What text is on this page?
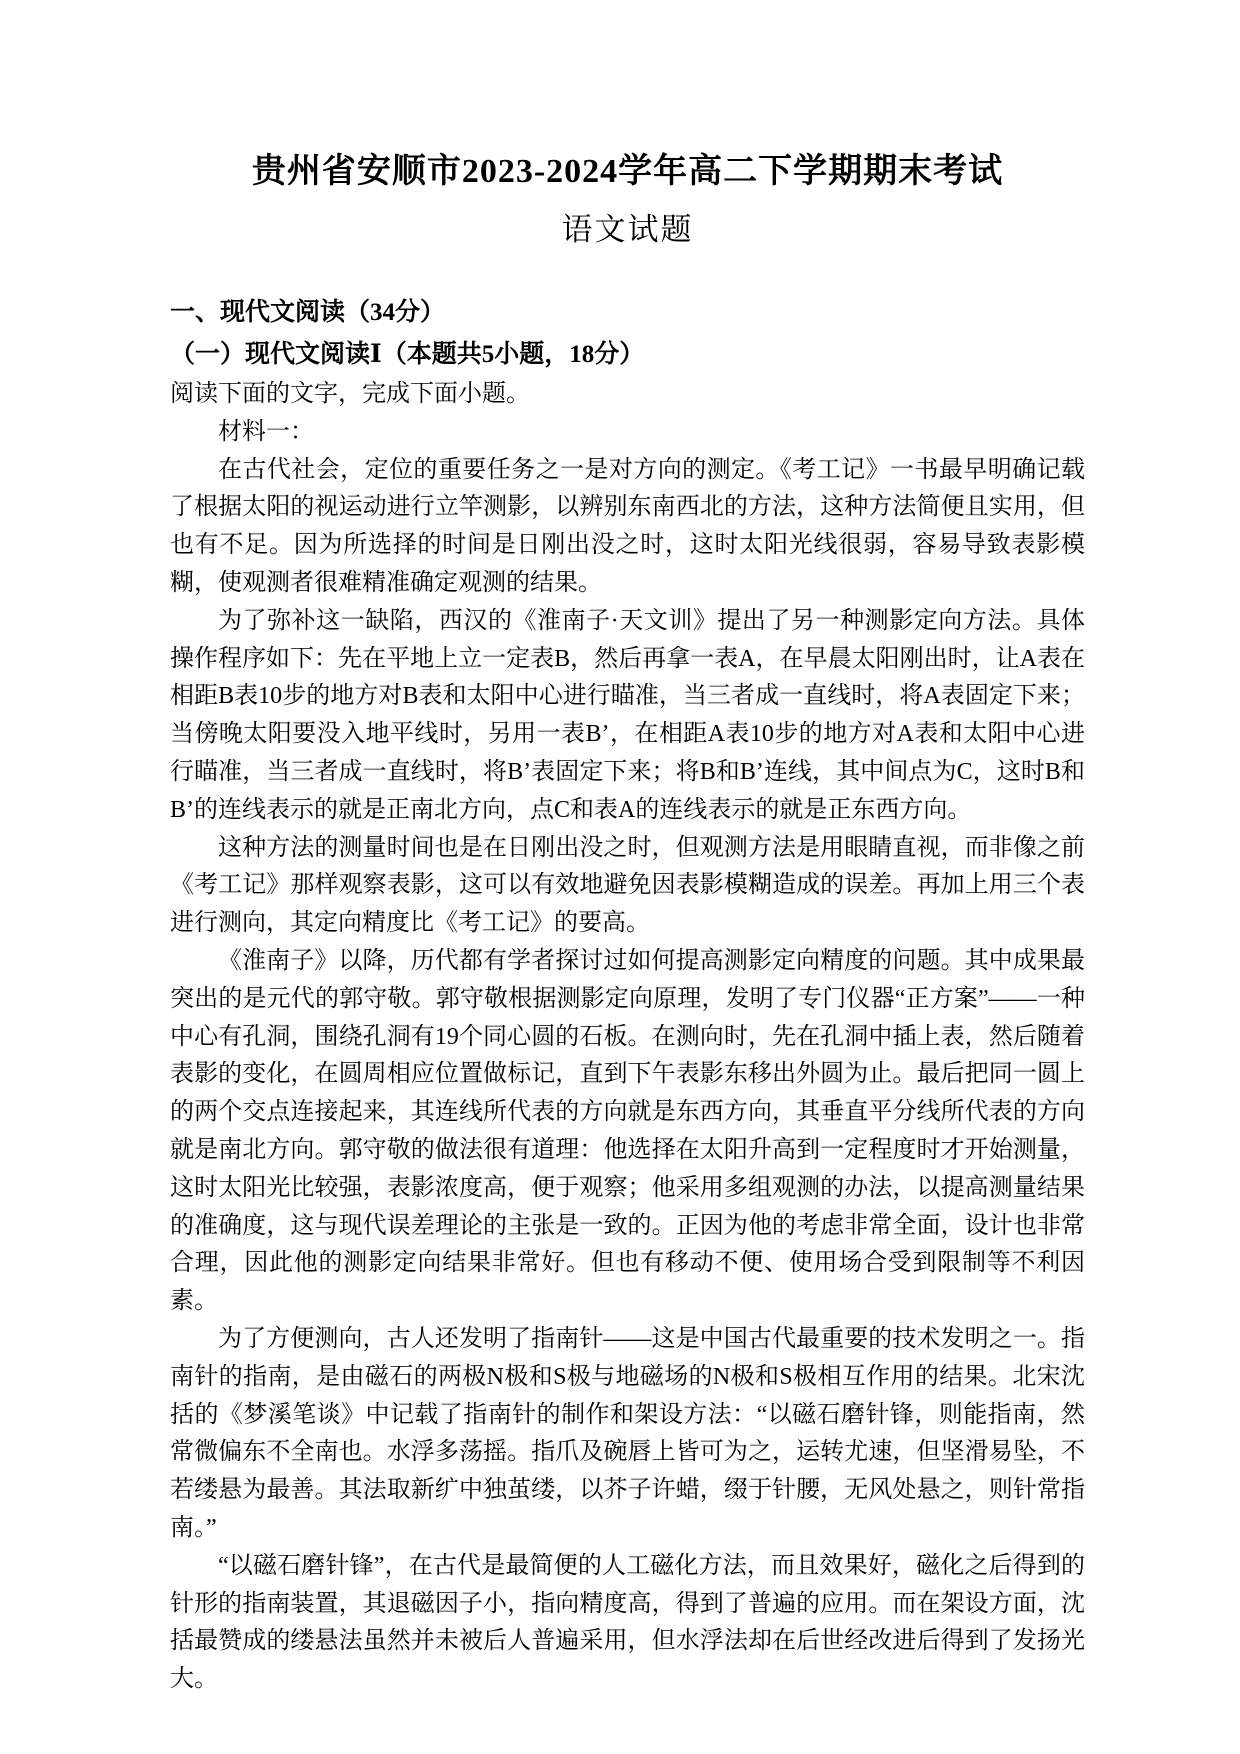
贵州省安顺市2023-2024学年高二下学期期末考试
语文试题
一、现代文阅读（34分）
（一）现代文阅读Ⅰ（本题共5小题，18分）

阅读下面的文字，完成下面小题。

材料一：

在古代社会，定位的重要任务之一是对方向的测定。《考工记》一书最早明确记载了根据太阳的视运动进行立竿测影，以辨别东南西北的方法，这种方法简便且实用，但也有不足。因为所选择的时间是日刚出没之时，这时太阳光线很弱，容易导致表影模糊，使观测者很难精准确定观测的结果。

为了弥补这一缺陷，西汉的《淮南子·天文训》提出了另一种测影定向方法。具体操作程序如下：先在平地上立一定表B，然后再拿一表A，在早晨太阳刚出时，让A表在相距B表10步的地方对B表和太阳中心进行瞄准，当三者成一直线时，将A表固定下来；当傍晚太阳要没入地平线时，另用一表B’，在相距A表10步的地方对A表和太阳中心进行瞄准，当三者成一直线时，将B’表固定下来；将B和B’连线，其中间点为C，这时B和B’的连线表示的就是正南北方向，点C和表A的连线表示的就是正东西方向。

这种方法的测量时间也是在日刚出没之时，但观测方法是用眼睛直视，而非像之前《考工记》那样观察表影，这可以有效地避免因表影模糊造成的误差。再加上用三个表进行测向，其定向精度比《考工记》的要高。

《淮南子》以降，历代都有学者探讨过如何提高测影定向精度的问题。其中成果最突出的是元代的郭守敬。郭守敬根据测影定向原理，发明了专门仪器“正方案”——一种中心有孔洞，围绕孔洞有19个同心圆的石板。在测向时，先在孔洞中插上表，然后随着表影的变化，在圆周相应位置做标记，直到下午表影东移出外圆为止。最后把同一圆上的两个交点连接起来，其连线所代表的方向就是东西方向，其垂直平分线所代表的方向就是南北方向。郭守敬的做法很有道理：他选择在太阳升高到一定程度时才开始测量，这时太阳光比较强，表影浓度高，便于观察；他采用多组观测的办法，以提高测量结果的准确度，这与现代误差理论的主张是一致的。正因为他的考虑非常全面，设计也非常合理，因此他的测影定向结果非常好。但也有移动不便、使用场合受到限制等不利因素。

为了方便测向，古人还发明了指南针——这是中国古代最重要的技术发明之一。指南针的指南，是由磁石的两极N极和S极与地磁场的N极和S极相互作用的结果。北宋沈括的《梦溪笔谈》中记载了指南针的制作和架设方法：“以磁石磨针锋，则能指南，然常微偏东不全南也。水浮多荡摇。指爪及碗唇上皆可为之，运转尤速，但坚滑易坠，不若缕悬为最善。其法取新纩中独茧缕，以芥子许蜡，缀于针腰，无风处悬之，则针常指南。”

“以磁石磨针锋”，在古代是最简便的人工磁化方法，而且效果好，磁化之后得到的针形的指南装置，其退磁因子小，指向精度高，得到了普遍的应用。而在架设方面，沈括最赞成的缕悬法虽然并未被后人普遍采用，但水浮法却在后世经改进后得到了发扬光大。
